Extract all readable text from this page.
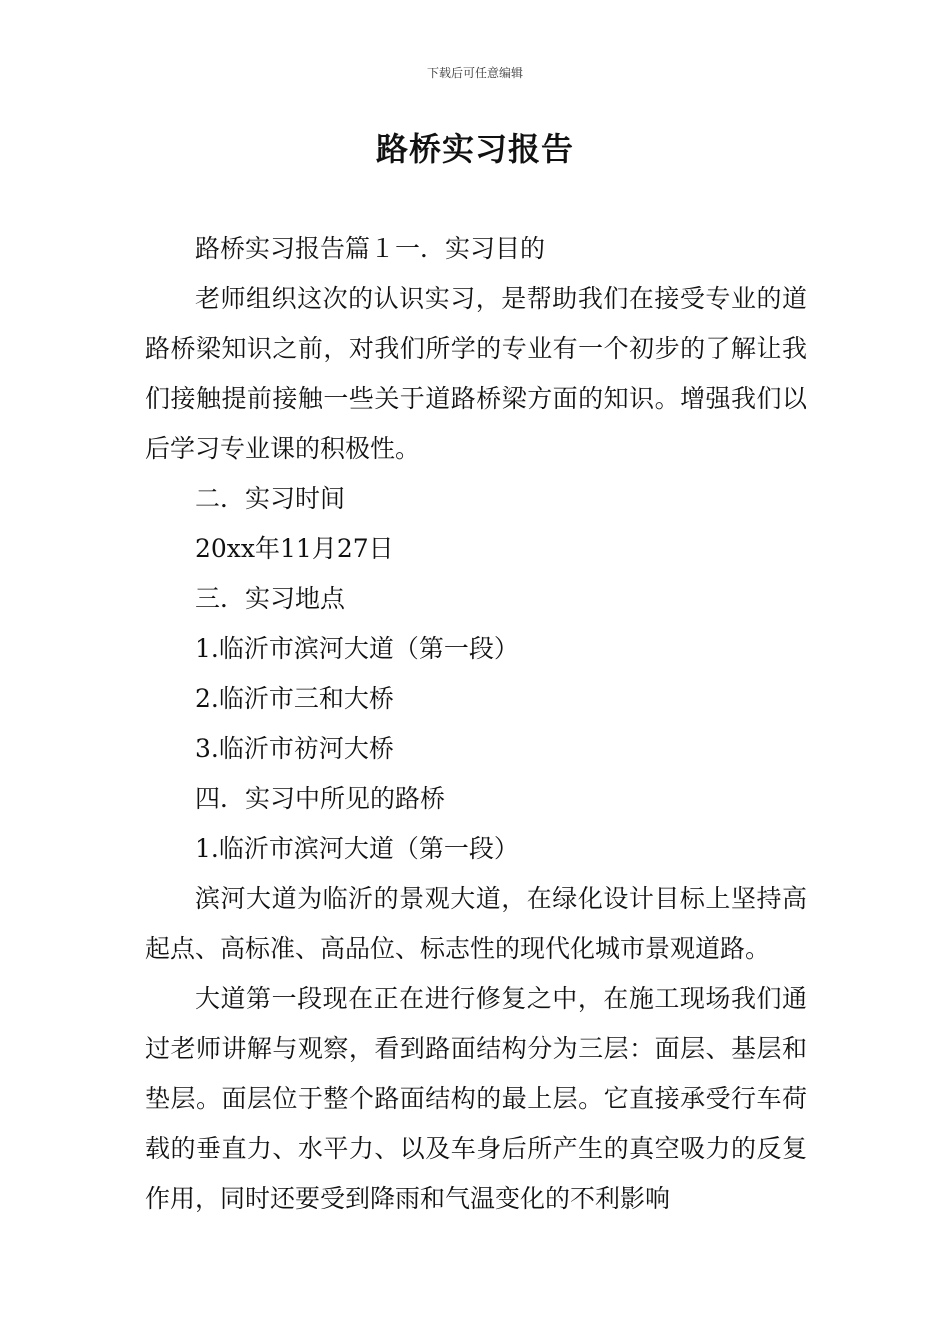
下载后可任意编辑
路桥实习报告

路桥实习报告篇１一．实习目的

老师组织这次的认识实习，是帮助我们在接受专业的道路桥梁知识之前，对我们所学的专业有一个初步的了解让我们接触提前接触一些关于道路桥梁方面的知识。增强我们以后学习专业课的积极性。

二．实习时间

20xx年11月27日

三．实习地点

1.临沂市滨河大道（第一段）

2.临沂市三和大桥

3.临沂市祊河大桥

四．实习中所见的路桥

1.临沂市滨河大道（第一段）

滨河大道为临沂的景观大道，在绿化设计目标上坚持高起点、高标准、高品位、标志性的现代化城市景观道路。

大道第一段现在正在进行修复之中，在施工现场我们通过老师讲解与观察，看到路面结构分为三层：面层、基层和垫层。面层位于整个路面结构的最上层。它直接承受行车荷载的垂直力、水平力、以及车身后所产生的真空吸力的反复作用，同时还要受到降雨和气温变化的不利影响
